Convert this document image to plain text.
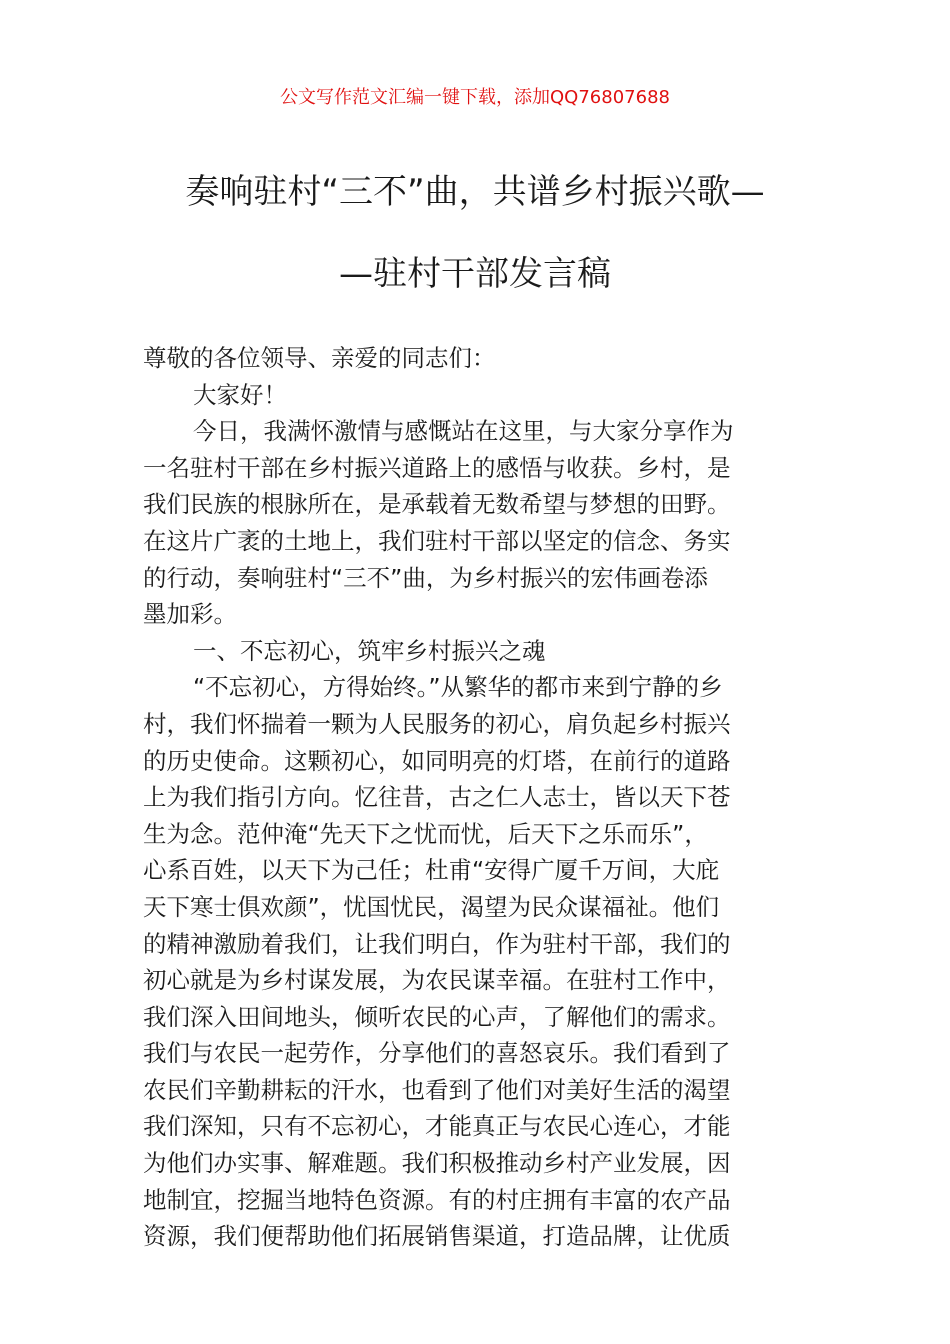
公文写作范文汇编一键下载，添加QQ76807688
奏响驻村“三不”曲，共谱乡村振兴歌—
—驻村干部发言稿
尊敬的各位领导、亲爱的同志们：
大家好！
今日，我满怀激情与感慨站在这里，与大家分享作为
一名驻村干部在乡村振兴道路上的感悟与收获。乡村，是
我们民族的根脉所在，是承载着无数希望与梦想的田野。
在这片广袤的土地上，我们驻村干部以坚定的信念、务实
的行动，奏响驻村“三不”曲，为乡村振兴的宏伟画卷添
墨加彩。
一、不忘初心，筑牢乡村振兴之魂
“不忘初心，方得始终。”从繁华的都市来到宁静的乡
村，我们怀揣着一颗为人民服务的初心，肩负起乡村振兴
的历史使命。这颗初心，如同明亮的灯塔，在前行的道路
上为我们指引方向。忆往昔，古之仁人志士，皆以天下苍
生为念。范仲淹“先天下之忧而忧，后天下之乐而乐”，
心系百姓，以天下为己任；杜甫“安得广厦千万间，大庇
天下寒士俱欢颜”，忧国忧民，渴望为民众谋福祉。他们
的精神激励着我们，让我们明白，作为驻村干部，我们的
初心就是为乡村谋发展，为农民谋幸福。在驻村工作中，
我们深入田间地头，倾听农民的心声，了解他们的需求。
我们与农民一起劳作，分享他们的喜怒哀乐。我们看到了
农民们辛勤耕耘的汗水，也看到了他们对美好生活的渴望
我们深知，只有不忘初心，才能真正与农民心连心，才能
为他们办实事、解难题。我们积极推动乡村产业发展，因
地制宜，挖掘当地特色资源。有的村庄拥有丰富的农产品
资源，我们便帮助他们拓展销售渠道，打造品牌，让优质
